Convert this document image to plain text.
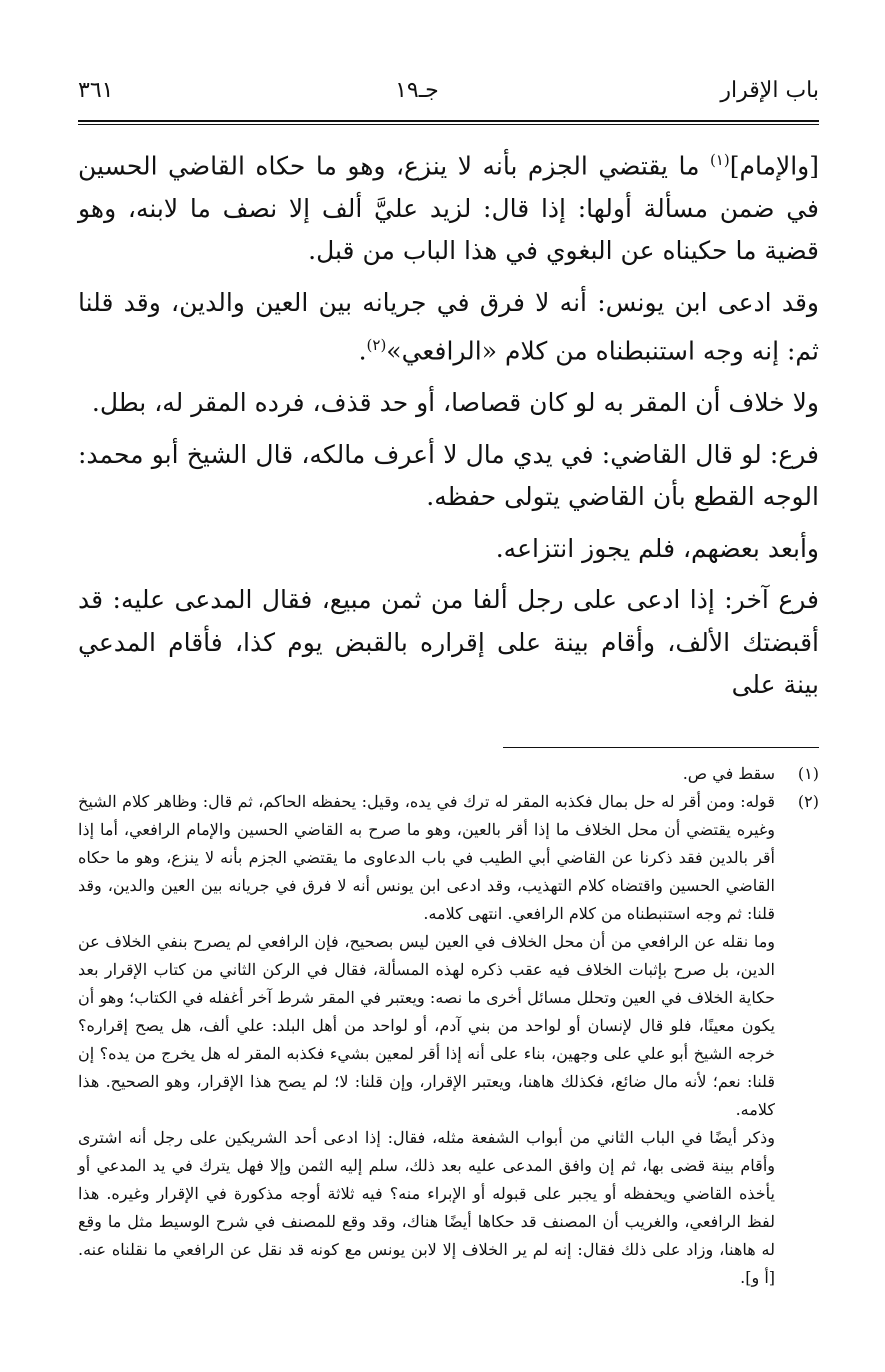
باب الإقرار
جـ١٩
٣٦١

[والإمام]$^{(١)}$ ما يقتضي الجزم بأنه لا ينزع، وهو ما حكاه القاضي الحسين في ضمن مسألة أولها: إذا قال: لزيد عليَّ ألف إلا نصف ما لابنه، وهو قضية ما حكيناه عن البغوي في هذا الباب من قبل.

وقد ادعى ابن يونس: أنه لا فرق في جريانه بين العين والدين، وقد قلنا ثم: إنه وجه استنبطناه من كلام «الرافعي»$^{(٢)}$.

ولا خلاف أن المقر به لو كان قصاصا، أو حد قذف، فرده المقر له، بطل.

فرع: لو قال القاضي: في يدي مال لا أعرف مالكه، قال الشيخ أبو محمد: الوجه القطع بأن القاضي يتولى حفظه.

وأبعد بعضهم، فلم يجوز انتزاعه.

فرع آخر: إذا ادعى على رجل ألفا من ثمن مبيع، فقال المدعى عليه: قد أقبضتك الألف، وأقام بينة على إقراره بالقبض يوم كذا، فأقام المدعي بينة على

(١)

سقط في ص.

(٢)

قوله: ومن أقر له حل بمال فكذبه المقر له ترك في يده، وقيل: يحفظه الحاكم، ثم قال: وظاهر كلام الشيخ وغيره يقتضي أن محل الخلاف ما إذا أقر بالعين، وهو ما صرح به القاضي الحسين والإمام الرافعي، أما إذا أقر بالدين فقد ذكرنا عن القاضي أبي الطيب في باب الدعاوى ما يقتضي الجزم بأنه لا ينزع، وهو ما حكاه القاضي الحسين واقتضاه كلام التهذيب، وقد ادعى ابن يونس أنه لا فرق في جريانه بين العين والدين، وقد قلنا: ثم وجه استنبطناه من كلام الرافعي. انتهى كلامه.

وما نقله عن الرافعي من أن محل الخلاف في العين ليس بصحيح، فإن الرافعي لم يصرح بنفي الخلاف عن الدين، بل صرح بإثبات الخلاف فيه عقب ذكره لهذه المسألة، فقال في الركن الثاني من كتاب الإقرار بعد حكاية الخلاف في العين وتحلل مسائل أخرى ما نصه: ويعتبر في المقر شرط آخر أغفله في الكتاب؛ وهو أن يكون معينًا، فلو قال لإنسان أو لواحد من بني آدم، أو لواحد من أهل البلد: علي ألف، هل يصح إقراره؟ خرجه الشيخ أبو علي على وجهين، بناء على أنه إذا أقر لمعين بشيء فكذبه المقر له هل يخرج من يده؟ إن قلنا: نعم؛ لأنه مال ضائع، فكذلك هاهنا، ويعتبر الإقرار، وإن قلنا: لا؛ لم يصح هذا الإقرار، وهو الصحيح. هذا كلامه.

وذكر أيضًا في الباب الثاني من أبواب الشفعة مثله، فقال: إذا ادعى أحد الشريكين على رجل أنه اشترى وأقام بينة قضى بها، ثم إن وافق المدعى عليه بعد ذلك، سلم إليه الثمن وإلا فهل يترك في يد المدعي أو يأخذه القاضي ويحفظه أو يجبر على قبوله أو الإبراء منه؟ فيه ثلاثة أوجه مذكورة في الإقرار وغيره. هذا لفظ الرافعي، والغريب أن المصنف قد حكاها أيضًا هناك، وقد وقع للمصنف في شرح الوسيط مثل ما وقع له هاهنا، وزاد على ذلك فقال: إنه لم ير الخلاف إلا لابن يونس مع كونه قد نقل عن الرافعي ما نقلناه عنه. [أ و].
